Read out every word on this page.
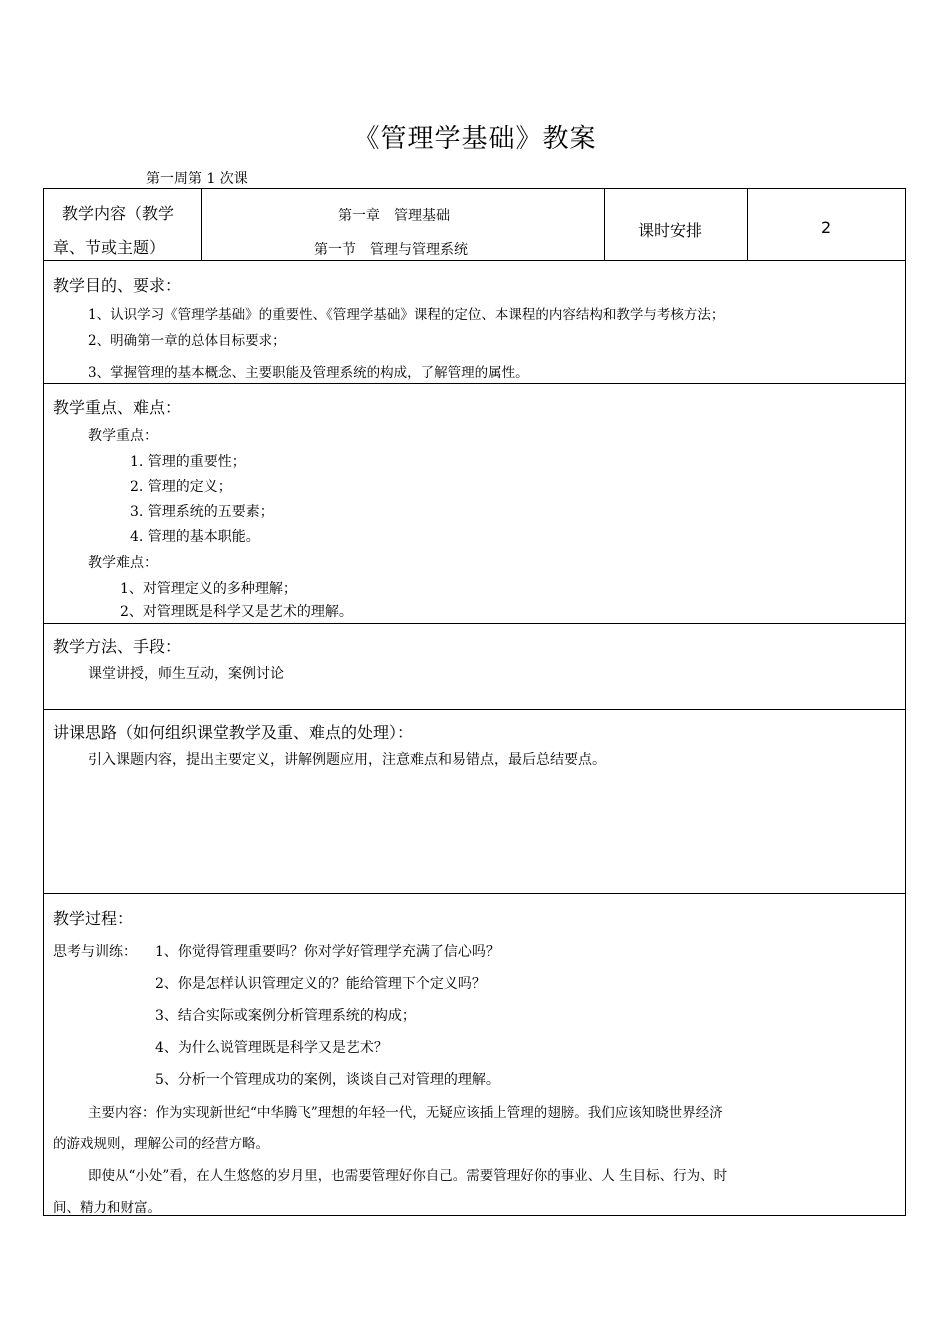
《管理学基础》教案
第一周第 1 次课
教学内容（教学
章、节或主题）
第一章　管理基础
第一节　管理与管理系统
课时安排	2
教学目的、要求：
1、认识学习《管理学基础》的重要性、《管理学基础》课程的定位、本课程的内容结构和教学与考核方法；
2、明确第一章的总体目标要求；
3、掌握管理的基本概念、主要职能及管理系统的构成，了解管理的属性。
教学重点、难点：
教学重点：
1. 管理的重要性；
2. 管理的定义；
3. 管理系统的五要素；
4. 管理的基本职能。
教学难点：
1、对管理定义的多种理解；
2、对管理既是科学又是艺术的理解。
教学方法、手段：
课堂讲授，师生互动，案例讨论
讲课思路（如何组织课堂教学及重、难点的处理）：
引入课题内容，提出主要定义，讲解例题应用，注意难点和易错点，最后总结要点。
教学过程：
思考与训练： 1、你觉得管理重要吗？你对学好管理学充满了信心吗？
2、你是怎样认识管理定义的？能给管理下个定义吗？
3、结合实际或案例分析管理系统的构成；
4、为什么说管理既是科学又是艺术？
5、分析一个管理成功的案例，谈谈自己对管理的理解。
主要内容：作为实现新世纪“中华腾飞”理想的年轻一代，无疑应该插上管理的翅膀。我们应该知晓世界经济
的游戏规则，理解公司的经营方略。
即使从“小处”看，在人生悠悠的岁月里，也需要管理好你自己。需要管理好你的事业、人 生目标、行为、时
间、精力和财富。
